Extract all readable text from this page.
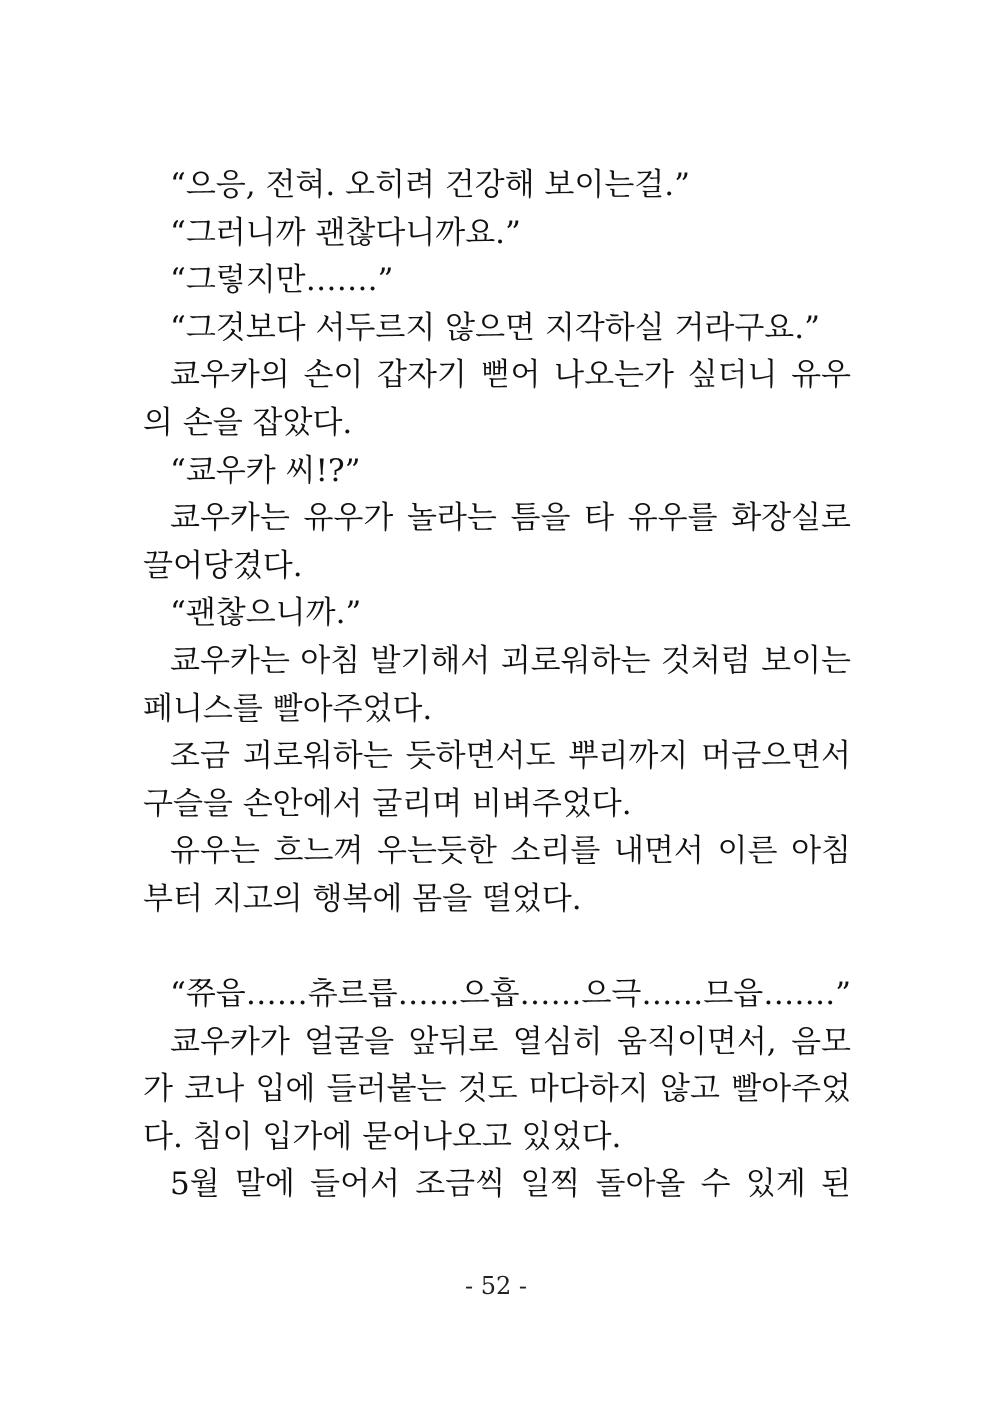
“으응, 전혀. 오히려 건강해 보이는걸.”
“그러니까 괜찮다니까요.”
“그렇지만…….”
“그것보다 서두르지 않으면 지각하실 거라구요.”
쿄우카의 손이 갑자기 뻗어 나오는가 싶더니 유우
의 손을 잡았다.
“쿄우카 씨!?”
쿄우카는 유우가 놀라는 틈을 타 유우를 화장실로
끌어당겼다.
“괜찮으니까.”
쿄우카는 아침 발기해서 괴로워하는 것처럼 보이는
페니스를 빨아주었다.
조금 괴로워하는 듯하면서도 뿌리까지 머금으면서
구슬을 손안에서 굴리며 비벼주었다.
유우는 흐느껴 우는듯한 소리를 내면서 이른 아침
부터 지고의 행복에 몸을 떨었다.
“쮸읍……츄르릅……으흡……으극……므읍…….”
쿄우카가 얼굴을 앞뒤로 열심히 움직이면서, 음모
가 코나 입에 들러붙는 것도 마다하지 않고 빨아주었
다. 침이 입가에 묻어나오고 있었다.
5월 말에 들어서 조금씩 일찍 돌아올 수 있게 된
- 52 -
